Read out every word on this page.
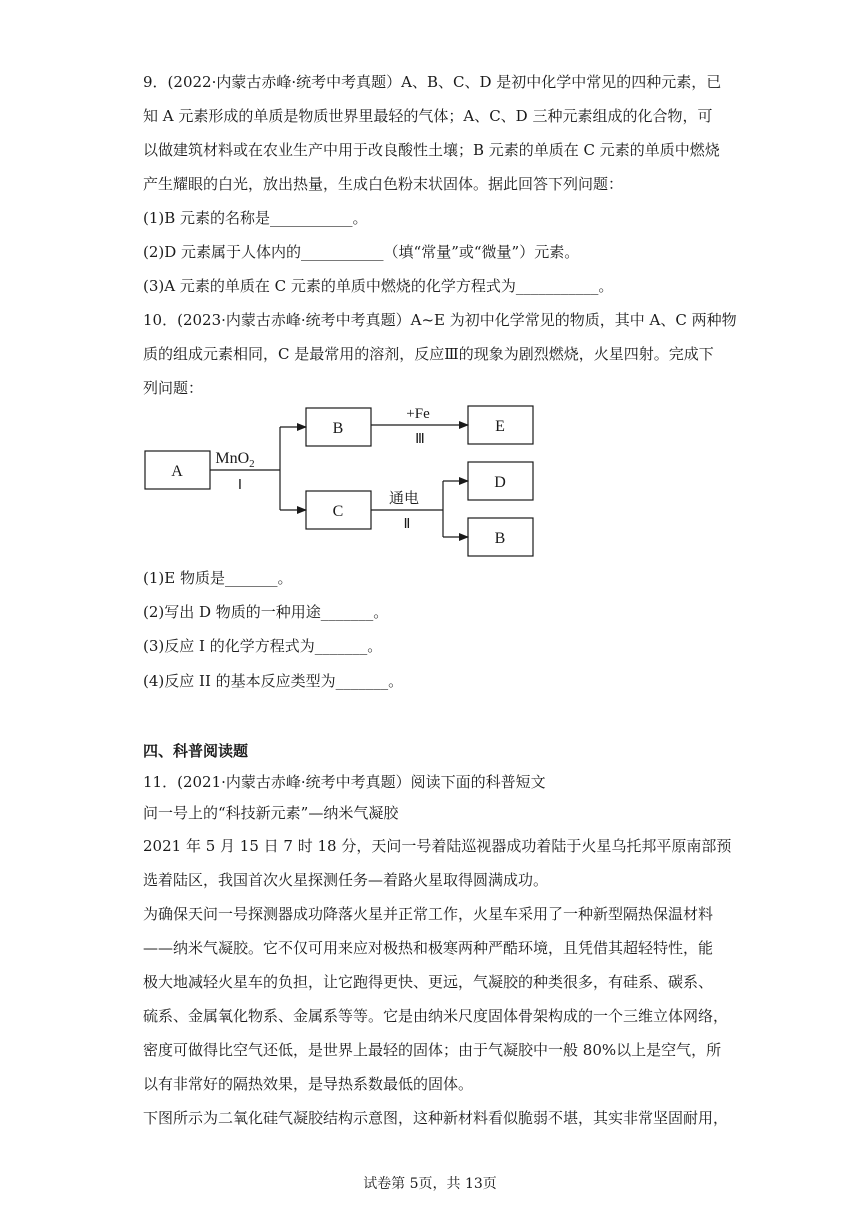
9．(2022·内蒙古赤峰·统考中考真题）A、B、C、D 是初中化学中常见的四种元素，已
知 A 元素形成的单质是物质世界里最轻的气体；A、C、D 三种元素组成的化合物，可
以做建筑材料或在农业生产中用于改良酸性土壤；B 元素的单质在 C 元素的单质中燃烧
产生耀眼的白光，放出热量，生成白色粉末状固体。据此回答下列问题：
(1)B 元素的名称是___________。
(2)D 元素属于人体内的___________（填“常量”或“微量”）元素。
(3)A 元素的单质在 C 元素的单质中燃烧的化学方程式为___________。
10．(2023·内蒙古赤峰·统考中考真题）A~E 为初中化学常见的物质，其中 A、C 两种物
质的组成元素相同，C 是最常用的溶剂，反应Ⅲ的现象为剧烈燃烧，火星四射。完成下
列问题：
A
B
C
E
D
B
MnO$_2$
Ⅰ
+Fe
Ⅲ
通电
Ⅱ
(1)E 物质是_______。
(2)写出 D 物质的一种用途_______。
(3)反应 I 的化学方程式为_______。
(4)反应 II 的基本反应类型为_______。
四、科普阅读题
11．(2021·内蒙古赤峰·统考中考真题）阅读下面的科普短文
问一号上的“科技新元素”—纳米气凝胶
2021 年 5 月 15 日 7 时 18 分，天问一号着陆巡视器成功着陆于火星乌托邦平原南部预
选着陆区，我国首次火星探测任务—着路火星取得圆满成功。
为确保天问一号探测器成功降落火星并正常工作，火星车采用了一种新型隔热保温材料
——纳米气凝胶。它不仅可用来应对极热和极寒两种严酷环境，且凭借其超轻特性，能
极大地减轻火星车的负担，让它跑得更快、更远，气凝胶的种类很多，有硅系、碳系、
硫系、金属氧化物系、金属系等等。它是由纳米尺度固体骨架构成的一个三维立体网络，
密度可做得比空气还低，是世界上最轻的固体；由于气凝胶中一般 80%以上是空气，所
以有非常好的隔热效果，是导热系数最低的固体。
下图所示为二氧化硅气凝胶结构示意图，这种新材料看似脆弱不堪，其实非常坚固耐用，
试卷第 5页，共 13页
